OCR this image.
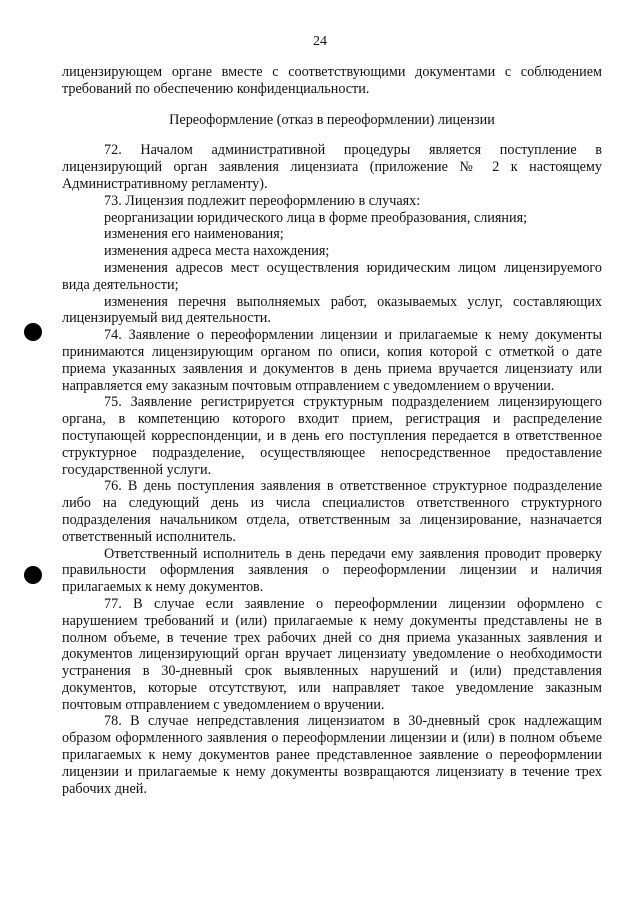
24

лицензирующем органе вместе с соответствующими документами с соблюдением требований по обеспечению конфиденциальности.

Переоформление (отказ в переоформлении) лицензии

72. Началом административной процедуры является поступление в лицензирующий орган заявления лицензиата (приложение № 2 к настоящему Административному регламенту).

73. Лицензия подлежит переоформлению в случаях:

реорганизации юридического лица в форме преобразования, слияния;

изменения его наименования;

изменения адреса места нахождения;

изменения адресов мест осуществления юридическим лицом лицензируемого вида деятельности;

изменения перечня выполняемых работ, оказываемых услуг, составляющих лицензируемый вид деятельности.

74. Заявление о переоформлении лицензии и прилагаемые к нему документы принимаются лицензирующим органом по описи, копия которой с отметкой о дате приема указанных заявления и документов в день приема вручается лицензиату или направляется ему заказным почтовым отправлением с уведомлением о вручении.

75. Заявление регистрируется структурным подразделением лицензирующего органа, в компетенцию которого входит прием, регистрация и распределение поступающей корреспонденции, и в день его поступления передается в ответственное структурное подразделение, осуществляющее непосредственное предоставление государственной услуги.

76. В день поступления заявления в ответственное структурное подразделение либо на следующий день из числа специалистов ответственного структурного подразделения начальником отдела, ответственным за лицензирование, назначается ответственный исполнитель.

Ответственный исполнитель в день передачи ему заявления проводит проверку правильности оформления заявления о переоформлении лицензии и наличия прилагаемых к нему документов.

77. В случае если заявление о переоформлении лицензии оформлено с нарушением требований и (или) прилагаемые к нему документы представлены не в полном объеме, в течение трех рабочих дней со дня приема указанных заявления и документов лицензирующий орган вручает лицензиату уведомление о необходимости устранения в 30-дневный срок выявленных нарушений и (или) представления документов, которые отсутствуют, или направляет такое уведомление заказным почтовым отправлением с уведомлением о вручении.

78. В случае непредставления лицензиатом в 30-дневный срок надлежащим образом оформленного заявления о переоформлении лицензии и (или) в полном объеме прилагаемых к нему документов ранее представленное заявление о переоформлении лицензии и прилагаемые к нему документы возвращаются лицензиату в течение трех рабочих дней.
